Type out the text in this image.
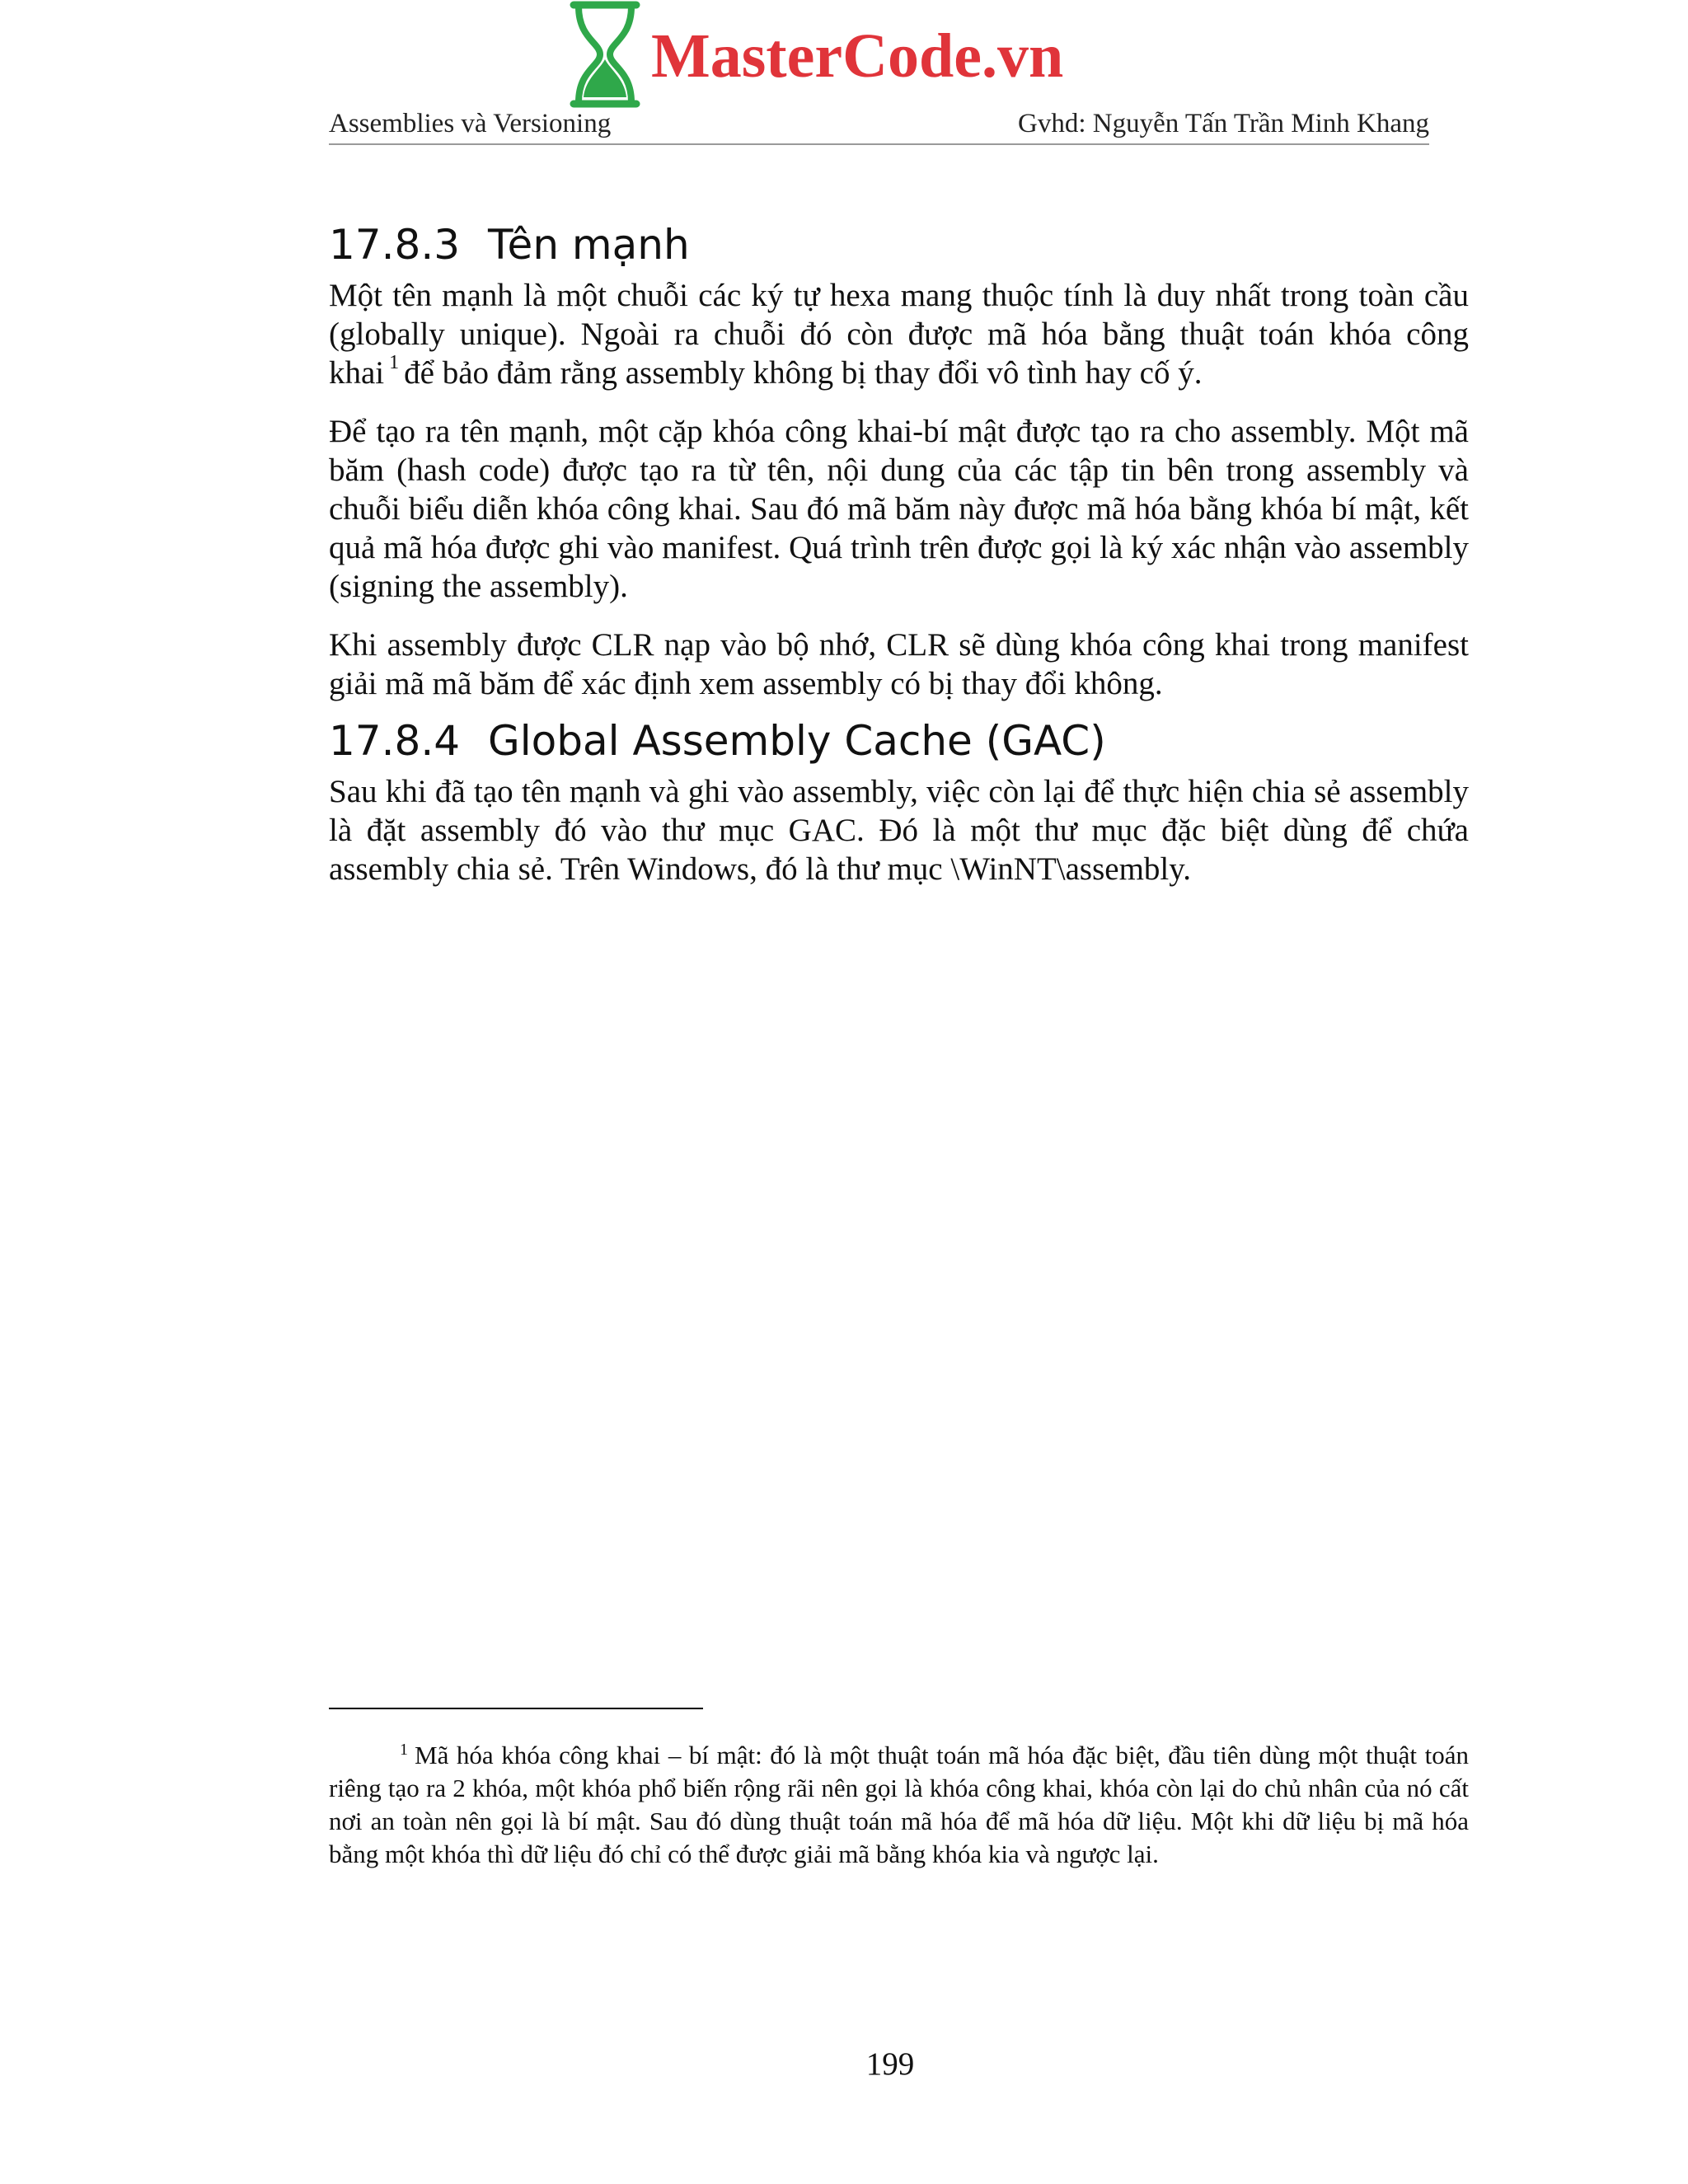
MasterCode.vn
Assemblies và Versioning	Gvhd: Nguyễn Tấn Trần Minh Khang
17.8.3 Tên mạnh

Một tên mạnh là một chuỗi các ký tự hexa mang thuộc tính là duy nhất trong toàn cầu (globally unique). Ngoài ra chuỗi đó còn được mã hóa bằng thuật toán khóa công khai $^1$ để bảo đảm rằng assembly không bị thay đổi vô tình hay cố ý.

Để tạo ra tên mạnh, một cặp khóa công khai-bí mật được tạo ra cho assembly. Một mã băm (hash code) được tạo ra từ tên, nội dung của các tập tin bên trong assembly và chuỗi biểu diễn khóa công khai. Sau đó mã băm này được mã hóa bằng khóa bí mật, kết quả mã hóa được ghi vào manifest. Quá trình trên được gọi là ký xác nhận vào assembly (signing the assembly).

Khi assembly được CLR nạp vào bộ nhớ, CLR sẽ dùng khóa công khai trong manifest giải mã mã băm để xác định xem assembly có bị thay đổi không.

17.8.4 Global Assembly Cache (GAC)

Sau khi đã tạo tên mạnh và ghi vào assembly, việc còn lại để thực hiện chia sẻ assembly là đặt assembly đó vào thư mục GAC. Đó là một thư mục đặc biệt dùng để chứa assembly chia sẻ. Trên Windows, đó là thư mục \WinNT\assembly.

$^1$ Mã hóa khóa công khai – bí mật: đó là một thuật toán mã hóa đặc biệt, đầu tiên dùng một thuật toán riêng tạo ra 2 khóa, một khóa phổ biến rộng rãi nên gọi là khóa công khai, khóa còn lại do chủ nhân của nó cất nơi an toàn nên gọi là bí mật. Sau đó dùng thuật toán mã hóa để mã hóa dữ liệu. Một khi dữ liệu bị mã hóa bằng một khóa thì dữ liệu đó chỉ có thể được giải mã bằng khóa kia và ngược lại.
199
